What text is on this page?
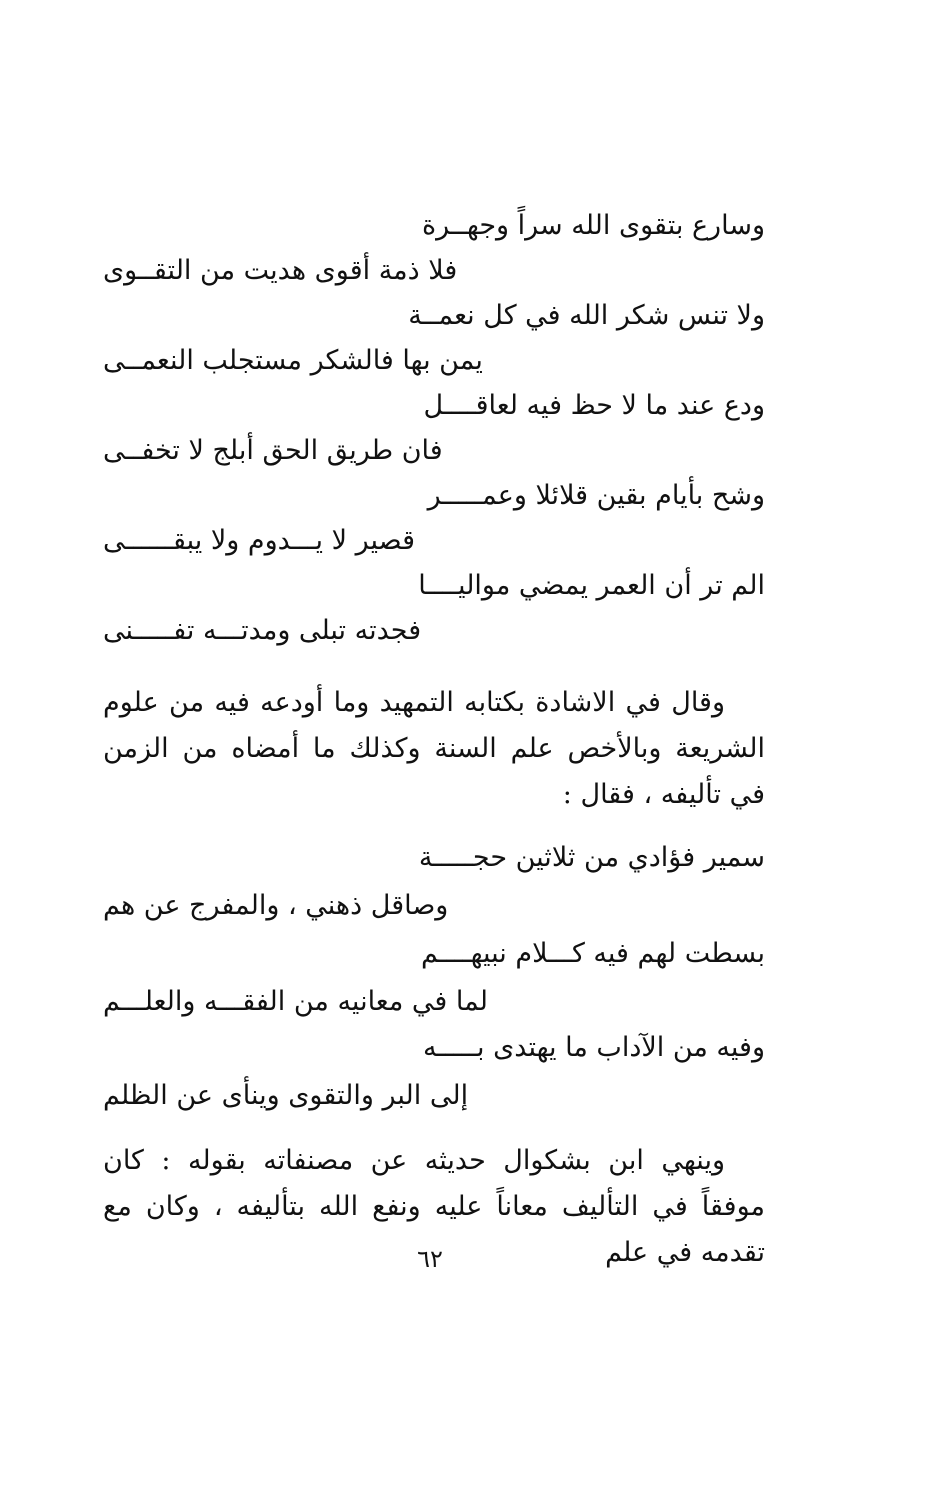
وسارع بتقوى الله سراً وجهــرة
فلا ذمة أقوى هديت من التقــوى
ولا تنس شكر الله في كل نعمــة
يمن بها فالشكر مستجلب النعمــى
ودع عند ما لا حظ فيه لعاقــــل
فان طريق الحق أبلج لا تخفــى
وشح بأيام بقين قلائلا وعمـــــر
قصير لا يـــدوم ولا يبقــــــى
الم تر أن العمر يمضي مواليــــا
فجدته تبلى ومدتـــه تفـــــنى

وقال في الاشادة بكتابه التمهيد وما أودعه فيه من علوم الشريعة وبالأخص علم السنة وكذلك ما أمضاه من الزمن في تأليفه ، فقال :

سمير فؤادي من ثلاثين حجـــــة
وصاقل ذهني ، والمفرج عن هم
بسطت لهم فيه كـــلام نبيهــــم
لما في معانيه من الفقـــه والعلـــم
وفيه من الآداب ما يهتدى بـــــه
إلى البر والتقوى وينأى عن الظلم

وينهي ابن بشكوال حديثه عن مصنفاته بقوله : كان موفقاً في التأليف معاناً عليه ونفع الله بتأليفه ، وكان مع تقدمه في علم

٦٢
